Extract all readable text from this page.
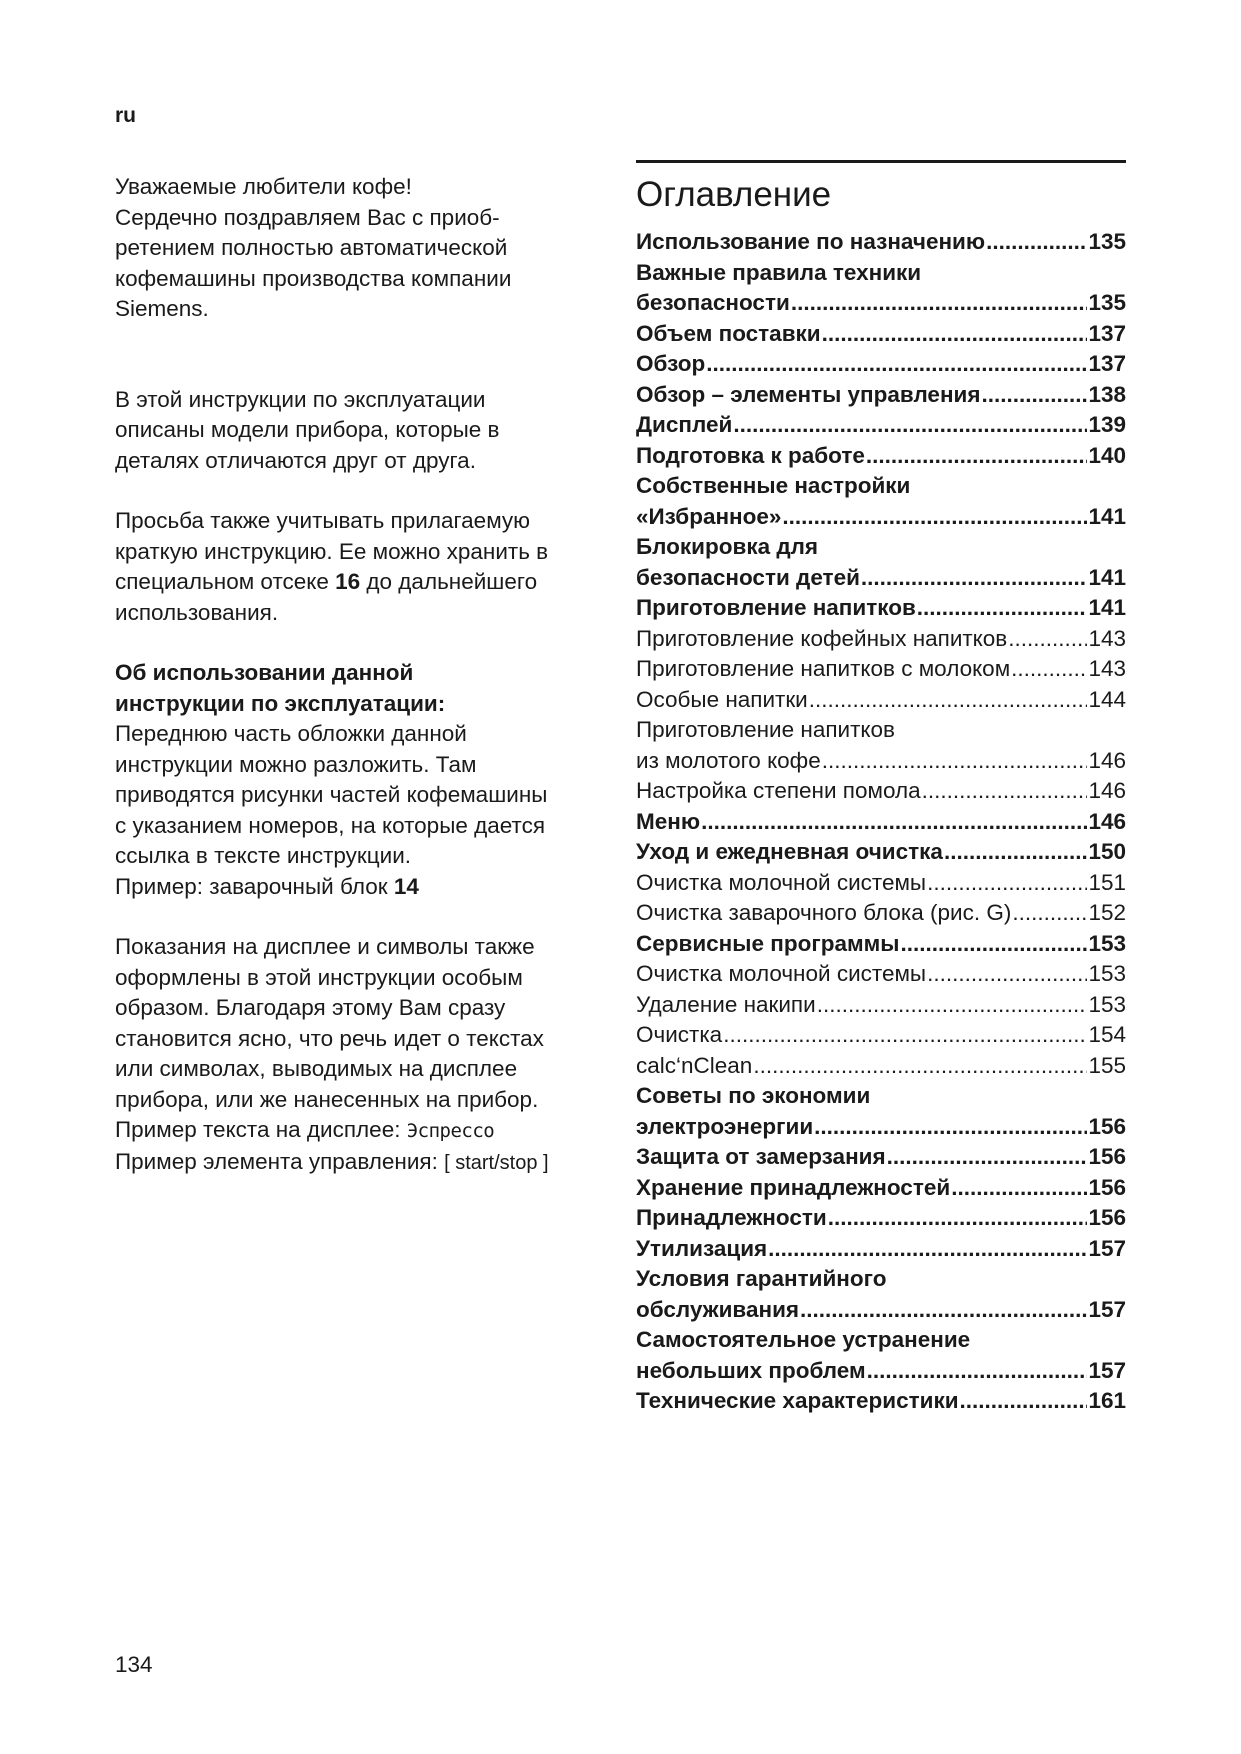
ru

Уважаемые любители кофе!

Сердечно поздравляем Вас с приоб-

ретением полностью автоматической

кофемашины производства компании

Siemens.

В этой инструкции по эксплуатации

описаны модели прибора, которые в

деталях отличаются друг от друга.

Просьба также учитывать прилагаемую

краткую инструкцию. Ее можно хранить в

специальном отсеке 16 до дальнейшего

использования.

Об использовании данной

инструкции по эксплуатации:

Переднюю часть обложки данной

инструкции можно разложить. Там

приводятся рисунки частей кофемашины

с указанием номеров, на которые дается

ссылка в тексте инструкции.

Пример: заварочный блок 14

Показания на дисплее и символы также

оформлены в этой инструкции особым

образом. Благодаря этому Вам сразу

становится ясно, что речь идет о текстах

или символах, выводимых на дисплее

прибора, или же нанесенных на прибор.

Пример текста на дисплее: Эспрессо

Пример элемента управления: [ start/stop ]

Оглавление
Использование по назначению .....	135
Важные правила техники
безопасности .....	135
Объем поставки .....	137
Обзор .....	137
Обзор – элементы управления .....	138
Дисплей .....	139
Подготовка к работе .....	140
Собственные настройки
«Избранное» .....	141
Блокировка для
безопасности детей .....	141
Приготовление напитков .....	141
Приготовление кофейных напитков .....	143
Приготовление напитков с молоком .....	143
Особые напитки .....	144
Приготовление напитков
из молотого кофе .....	146
Настройка степени помола .....	146
Меню .....	146
Уход и ежедневная очистка .....	150
Очистка молочной системы .....	151
Очистка заварочного блока (рис. G) .....	152
Сервисные программы .....	153
Очистка молочной системы .....	153
Удаление накипи .....	153
Очистка .....	154
calc‘nClean .....	155
Советы по экономии
электроэнергии .....	156
Защита от замерзания .....	156
Хранение принадлежностей .....	156
Принадлежности .....	156
Утилизация .....	157
Условия гарантийного
обслуживания .....	157
Самостоятельное устранение
небольших проблем .....	157
Технические характеристики .....	161
134
